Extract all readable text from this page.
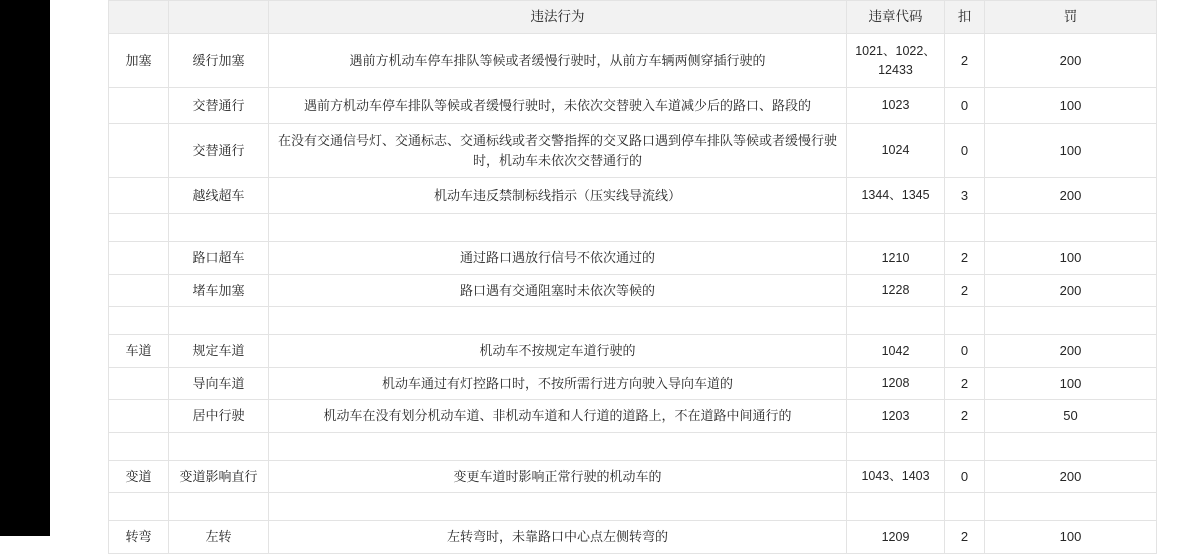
		违法行为	违章代码	扣	罚
加塞	缓行加塞	遇前方机动车停车排队等候或者缓慢行驶时，从前方车辆两侧穿插行驶的	1021、1022、12433	2	200
	交替通行	遇前方机动车停车排队等候或者缓慢行驶时，未依次交替驶入车道减少后的路口、路段的	1023	0	100
	交替通行	在没有交通信号灯、交通标志、交通标线或者交警指挥的交叉路口遇到停车排队等候或者缓慢行驶时，机动车未依次交替通行的	1024	0	100
	越线超车	机动车违反禁制标线指示（压实线导流线）	1344、1345	3	200

	路口超车	通过路口遇放行信号不依次通过的	1210	2	100
	堵车加塞	路口遇有交通阻塞时未依次等候的	1228	2	200

车道	规定车道	机动车不按规定车道行驶的	1042	0	200
	导向车道	机动车通过有灯控路口时，不按所需行进方向驶入导向车道的	1208	2	100
	居中行驶	机动车在没有划分机动车道、非机动车道和人行道的道路上，不在道路中间通行的	1203	2	50

变道	变道影响直行	变更车道时影响正常行驶的机动车的	1043、1403	0	200

转弯	左转	左转弯时，未靠路口中心点左侧转弯的	1209	2	100
